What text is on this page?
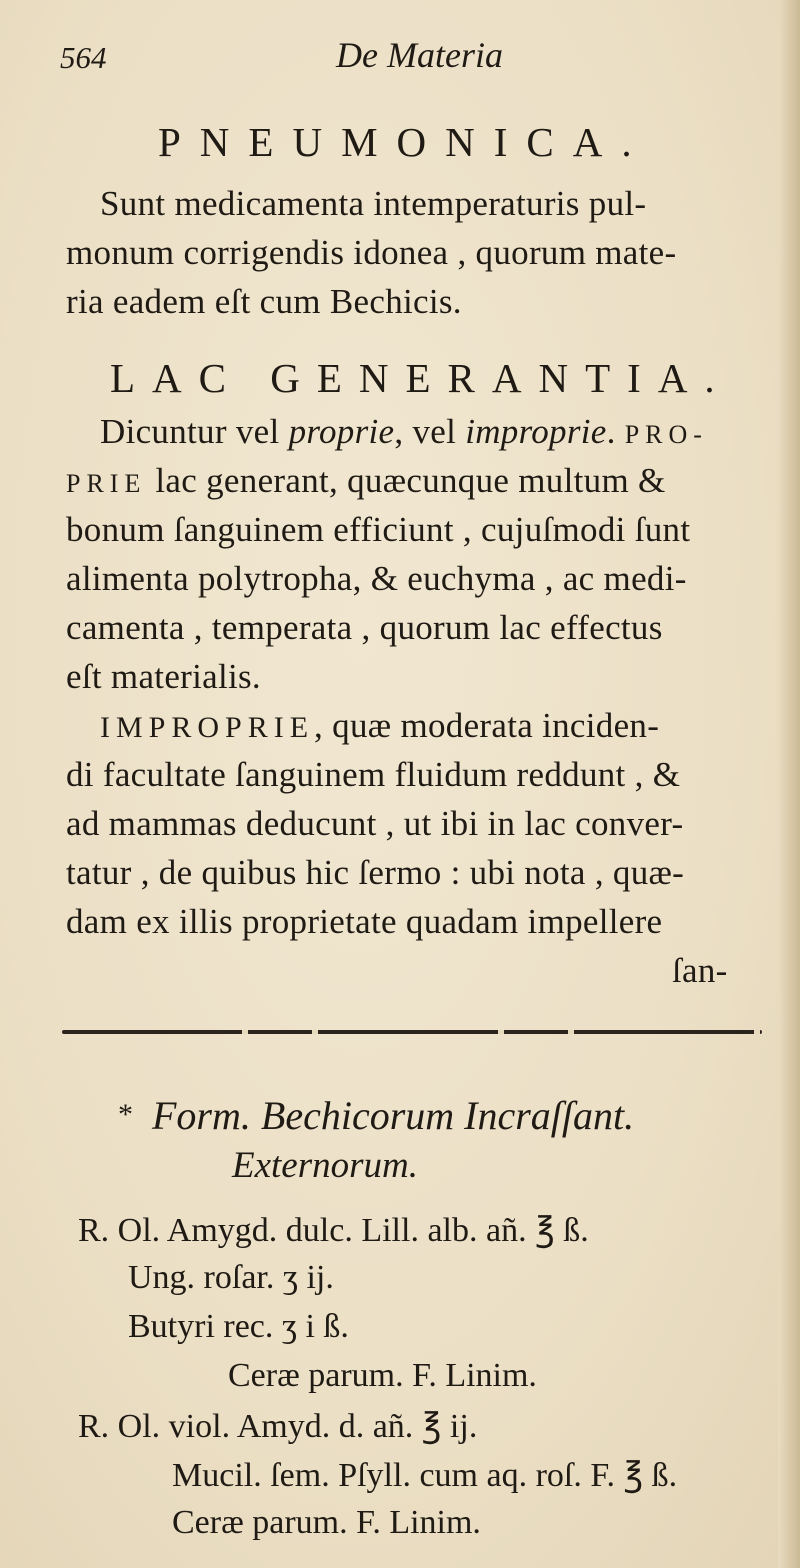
564	De Materia
PNEUMONICA.
Sunt medicamenta intemperaturis pul-
monum corrigendis idonea , quorum mate-
ria eadem eſt cum Bechicis.
LAC GENERANTIA.
Dicuntur vel proprie, vel improprie. PRO-
PRIE lac generant, quæcunque multum &
bonum ſanguinem efficiunt , cujuſmodi ſunt
alimenta polytropha, & euchyma , ac medi-
camenta , temperata , quorum lac effectus
eſt materialis.
IMPROPRIE, quæ moderata inciden-
di facultate ſanguinem fluidum reddunt , &
ad mammas deducunt , ut ibi in lac conver-
tatur , de quibus hic ſermo : ubi nota , quæ-
dam ex illis proprietate quadam impellere
ſan-
* Form. Bechicorum Incraſſant.
Externorum.
R. Ol. Amygd. dulc. Lill. alb. añ. ℥ ß.
Ung. roſar. ʒ ij.
Butyri rec. ʒ i ß.
Ceræ parum. F. Linim.
R. Ol. viol. Amyd. d. añ. ℥ ij.
Mucil. ſem. Pſyll. cum aq. roſ. F. ℥ ß.
Ceræ parum. F. Linim.
